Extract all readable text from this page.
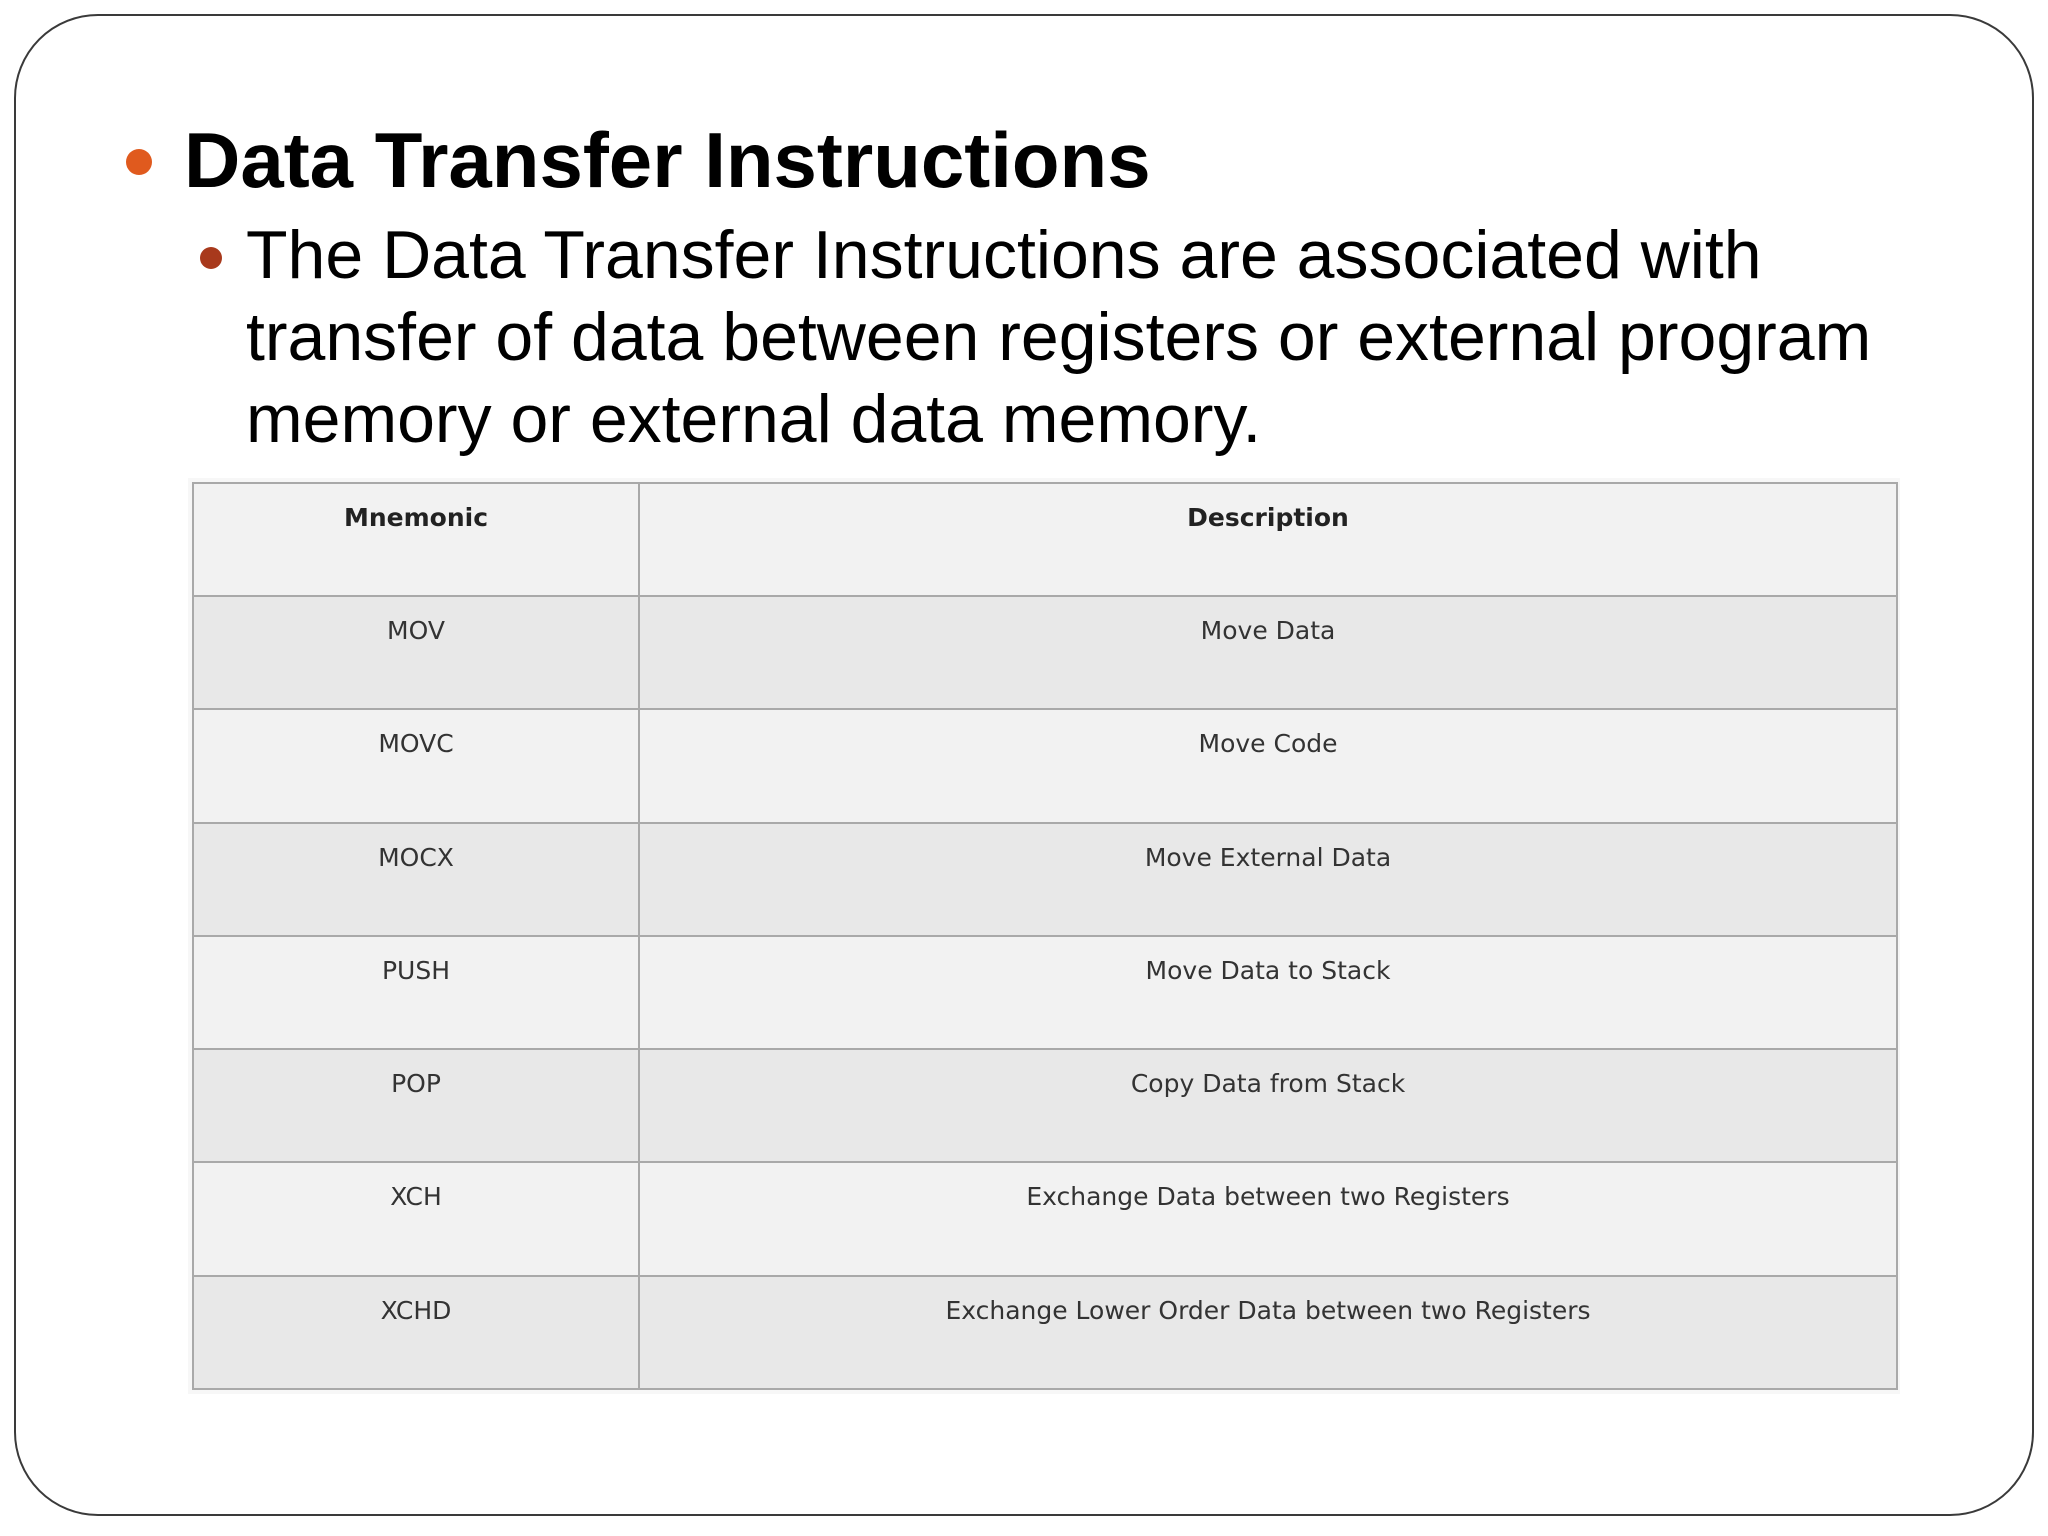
Data Transfer Instructions
The Data Transfer Instructions are associated with transfer of data between registers or external program memory or external data memory.
Mnemonic	Description
MOV	Move Data
MOVC	Move Code
MOCX	Move External Data
PUSH	Move Data to Stack
POP	Copy Data from Stack
XCH	Exchange Data between two Registers
XCHD	Exchange Lower Order Data between two Registers
